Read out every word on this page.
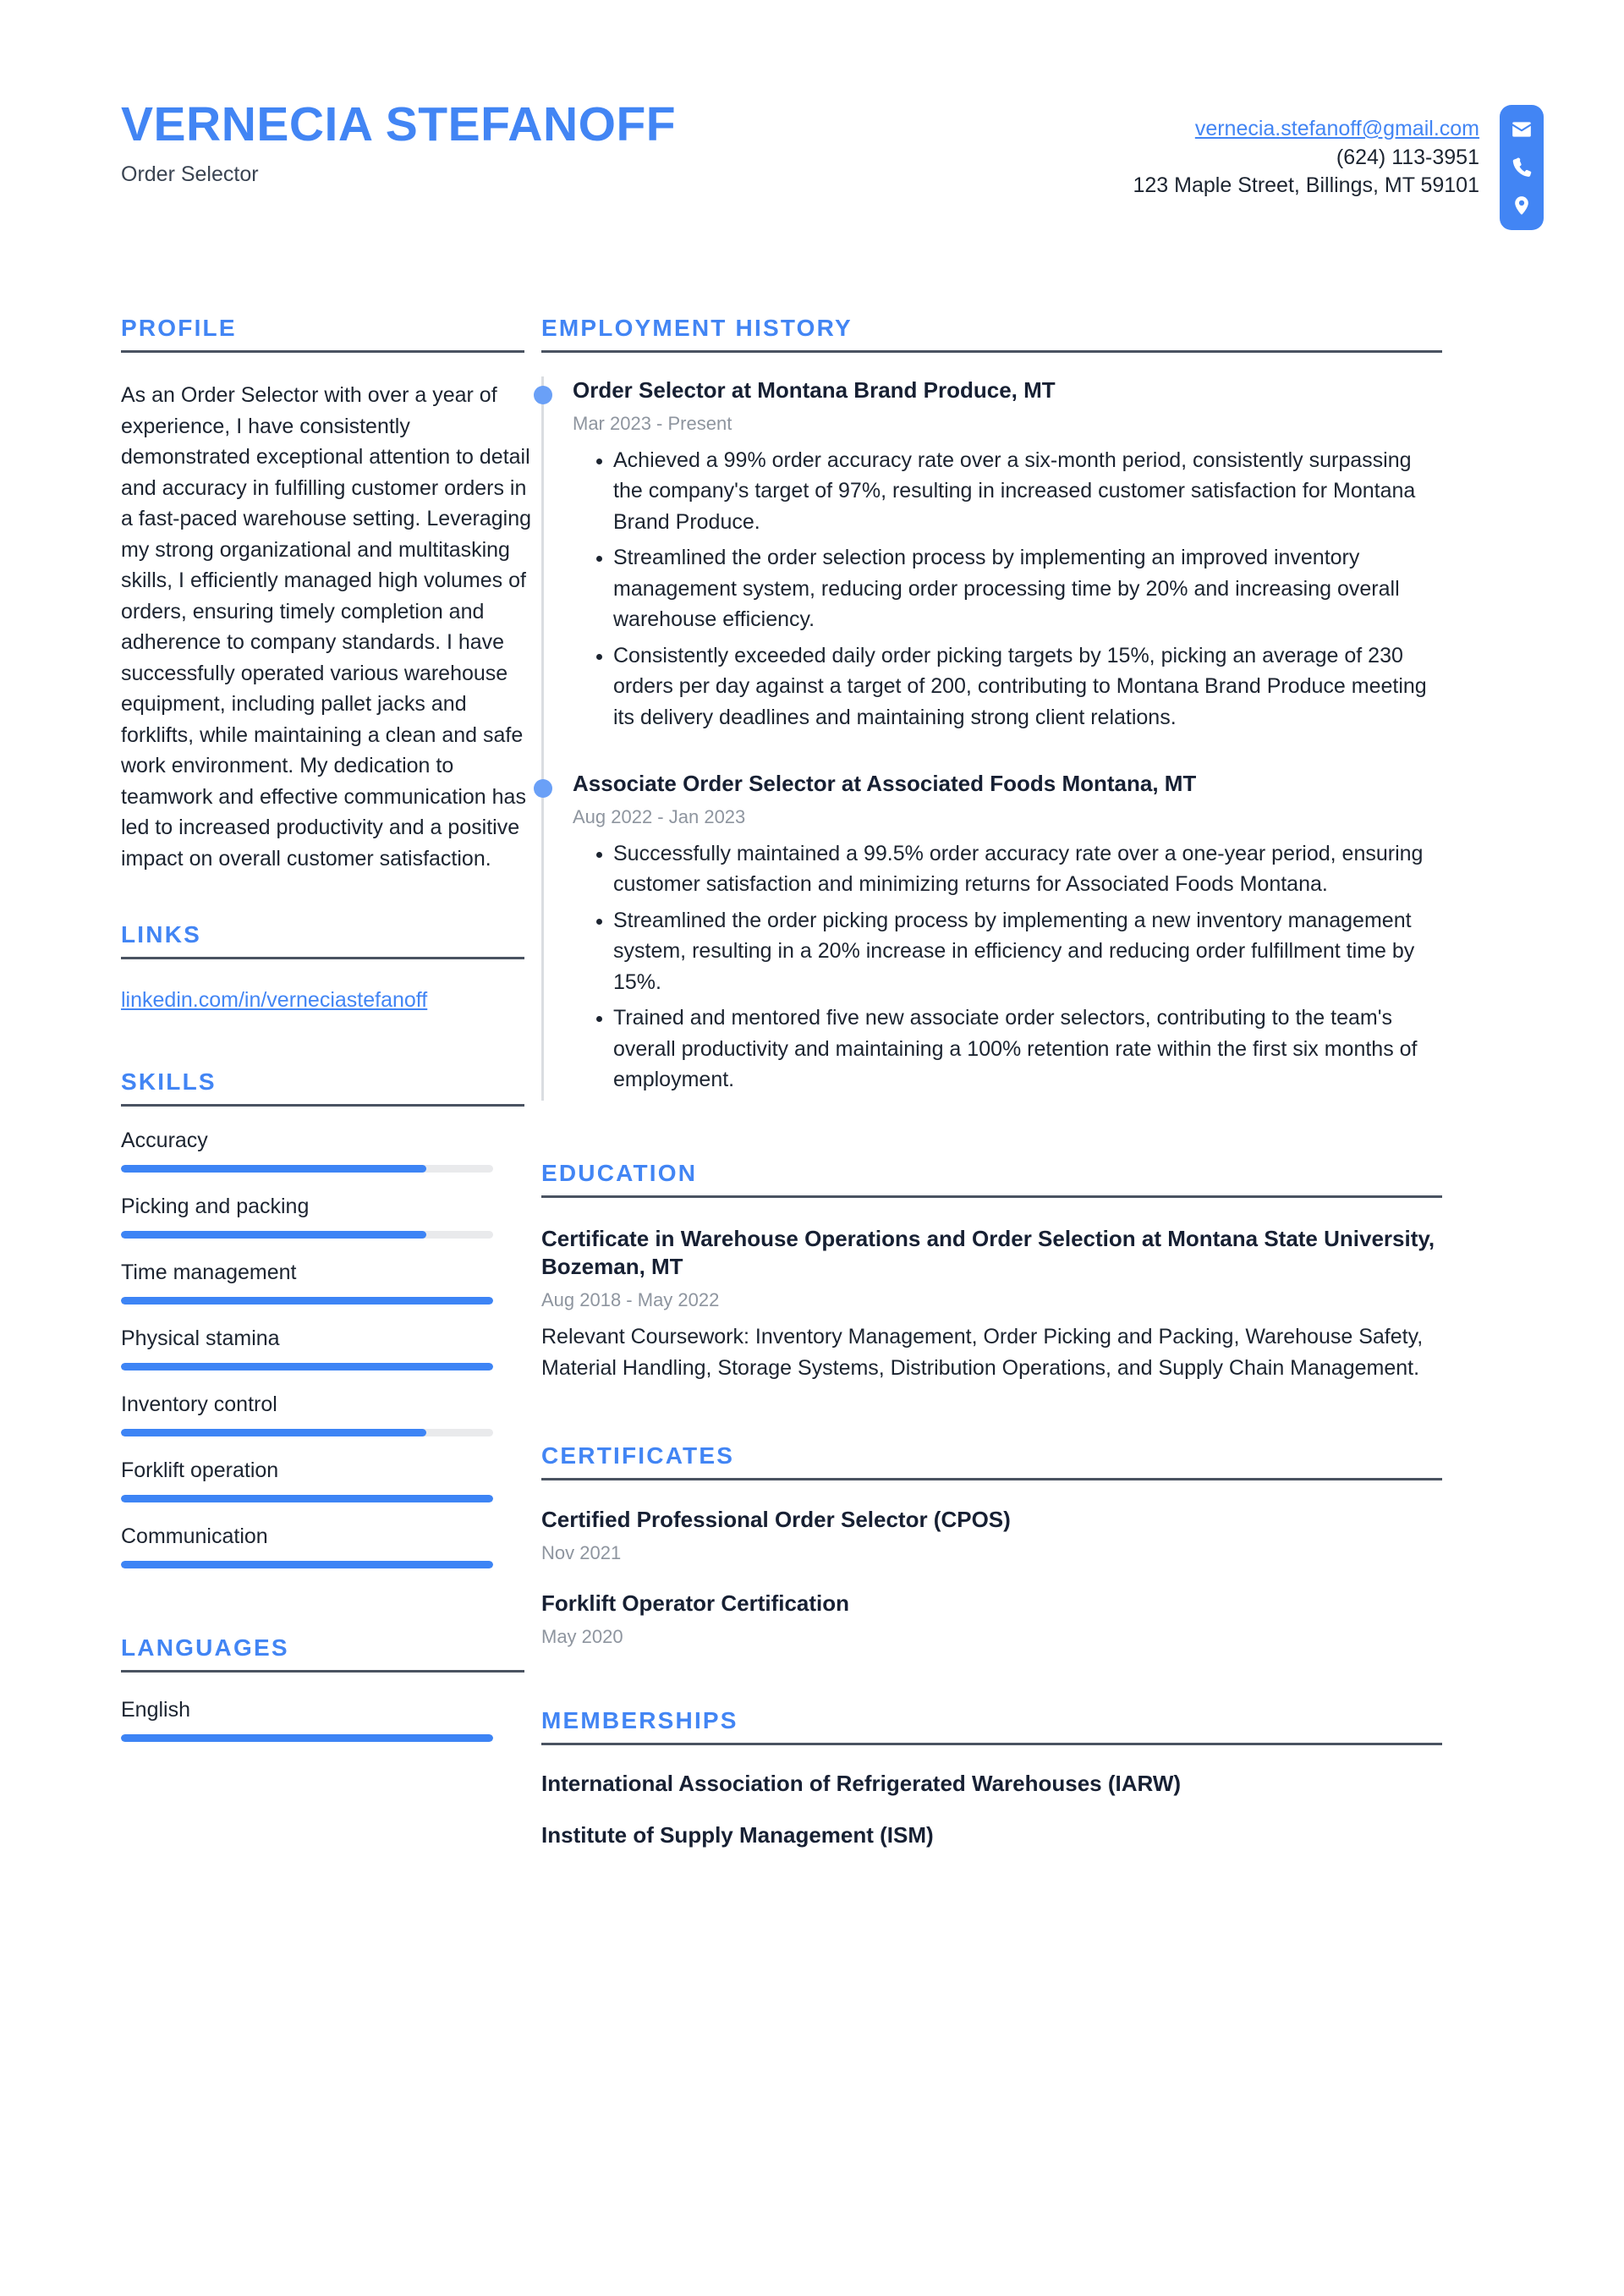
VERNECIA STEFANOFF
Order Selector
vernecia.stefanoff@gmail.com
(624) 113-3951
123 Maple Street, Billings, MT 59101
PROFILE
As an Order Selector with over a year of experience, I have consistently demonstrated exceptional attention to detail and accuracy in fulfilling customer orders in a fast-paced warehouse setting. Leveraging my strong organizational and multitasking skills, I efficiently managed high volumes of orders, ensuring timely completion and adherence to company standards. I have successfully operated various warehouse equipment, including pallet jacks and forklifts, while maintaining a clean and safe work environment. My dedication to teamwork and effective communication has led to increased productivity and a positive impact on overall customer satisfaction.
LINKS
linkedin.com/in/verneciastefanoff
SKILLS
Accuracy
Picking and packing
Time management
Physical stamina
Inventory control
Forklift operation
Communication
LANGUAGES
English
EMPLOYMENT HISTORY
Order Selector at Montana Brand Produce, MT
Mar 2023 - Present
• Achieved a 99% order accuracy rate over a six-month period, consistently surpassing the company's target of 97%, resulting in increased customer satisfaction for Montana Brand Produce.
• Streamlined the order selection process by implementing an improved inventory management system, reducing order processing time by 20% and increasing overall warehouse efficiency.
• Consistently exceeded daily order picking targets by 15%, picking an average of 230 orders per day against a target of 200, contributing to Montana Brand Produce meeting its delivery deadlines and maintaining strong client relations.
Associate Order Selector at Associated Foods Montana, MT
Aug 2022 - Jan 2023
• Successfully maintained a 99.5% order accuracy rate over a one-year period, ensuring customer satisfaction and minimizing returns for Associated Foods Montana.
• Streamlined the order picking process by implementing a new inventory management system, resulting in a 20% increase in efficiency and reducing order fulfillment time by 15%.
• Trained and mentored five new associate order selectors, contributing to the team's overall productivity and maintaining a 100% retention rate within the first six months of employment.
EDUCATION
Certificate in Warehouse Operations and Order Selection at Montana State University, Bozeman, MT
Aug 2018 - May 2022
Relevant Coursework: Inventory Management, Order Picking and Packing, Warehouse Safety, Material Handling, Storage Systems, Distribution Operations, and Supply Chain Management.
CERTIFICATES
Certified Professional Order Selector (CPOS)
Nov 2021
Forklift Operator Certification
May 2020
MEMBERSHIPS
International Association of Refrigerated Warehouses (IARW)
Institute of Supply Management (ISM)
